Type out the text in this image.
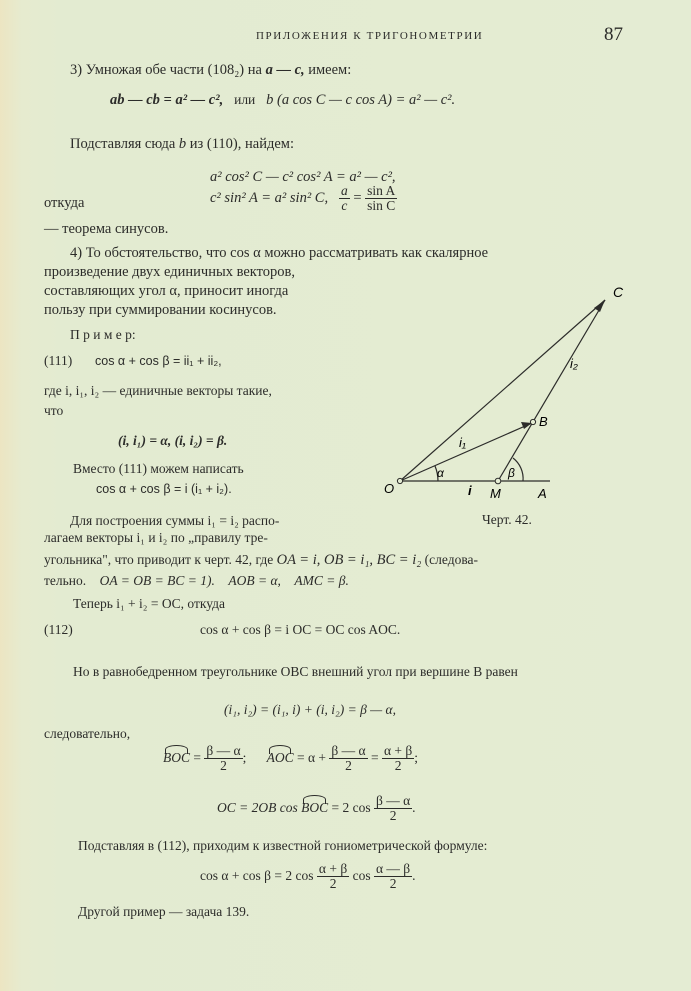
ПРИЛОЖЕНИЯ К ТРИГОНОМЕТРИИ	87
3) Умножая обе части (108₂) на a — c, имеем:
ab — cb = a² — c², или b (a cos C — c cos A) = a² — c².
Подставляя сюда b из (110), найдем:
a² cos² C — c² cos² A = a² — c²,
откуда	c² sin² A = a² sin² C, $\frac{a}{c} = \frac{\text{sin A}}{\text{sin C}}$
— теорема синусов.
4) То обстоятельство, что cos α можно рассматривать как скалярное
произведение двух единичных векторов,
составляющих угол α, приносит иногда
пользу при суммировании косинусов.
П р и м е р:
(111) cos α + cos β = ii₁ + ii₂,
где i, i₁, i₂ — единичные векторы такие,
что
(i, i₁) = α, (i, i₂) = β.
Вместо (111) можем написать
cos α + cos β = i (i₁ + i₂).
Для построения суммы i₁ = i₂ распо-
лагаем векторы i₁ и i₂ по „правилу тре-
угольника", что приводит к черт. 42, где OA = i, OB = i₁, BC = i₂ (следова-
тельно. OA = OB = BC = 1). AOB = α, AMC = β.
Теперь i₁ + i₂ = OC, откуда
(112)	cos α + cos β = i OC = OC cos AOC.
Но в равнобедренном треугольнике OBC внешний угол при вершине B равен
(i₁, i₂) = (i₁, i) + (i, i₂) = β — α,
следовательно,
BOC = $\frac{\beta — \alpha}{2}$ ;      AOC = $\alpha + \frac{\beta — \alpha}{2} = \frac{\alpha + \beta}{2}$ ;
OC = 2OB cos BOC = 2 $\cos \frac{\beta — \alpha}{2}$ .
Подставляя в (112), приходим к известной гониометрической формуле:
cos α + cos β = 2 $\cos \frac{\alpha + \beta}{2}$ $\cos \frac{\alpha — \beta}{2}$ .
Другой пример — задача 139.
C
i₂
B
i₁
α	β
O	i M	A
Черт. 42.
